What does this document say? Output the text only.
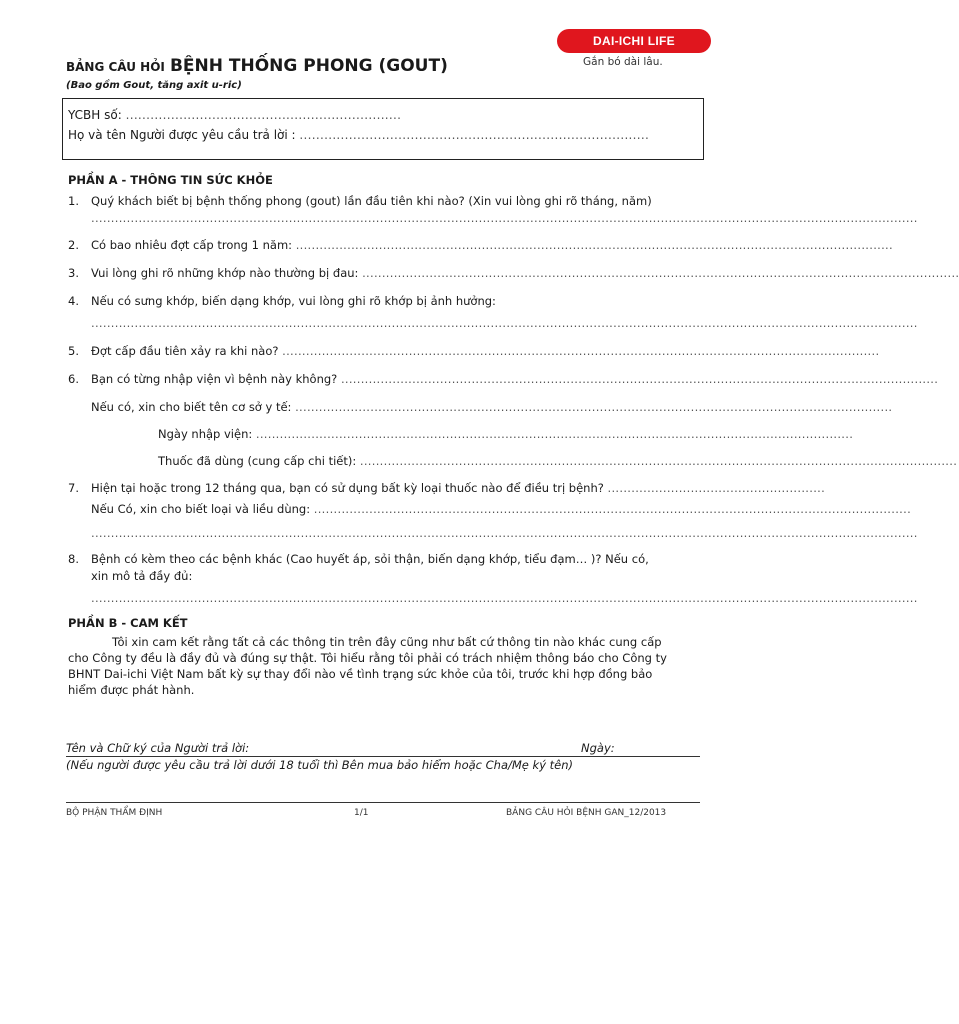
DAI-ICHI LIFE
Gắn bó dài lâu.
BẢNG CÂU HỎI BỆNH THỐNG PHONG (GOUT)
(Bao gồm Gout, tăng axit u-ric)
YCBH số: ...................................................................
Họ và tên Người được yêu cầu trả lời : .....................................................................................
PHẦN A - THÔNG TIN SỨC KHỎE
1. Quý khách biết bị bệnh thống phong (gout) lần đầu tiên khi nào? (Xin vui lòng ghi rõ tháng, năm)
.................................................................................................................................................................................................................
2. Có bao nhiêu đợt cấp trong 1 năm: .......................................................................................................................................................
3. Vui lòng ghi rõ những khớp nào thường bị đau: .......................................................................................................................................................
4. Nếu có sưng khớp, biến dạng khớp, vui lòng ghi rõ khớp bị ảnh hưởng:
.................................................................................................................................................................................................................
5. Đợt cấp đầu tiên xảy ra khi nào? .......................................................................................................................................................
6. Bạn có từng nhập viện vì bệnh này không? .......................................................................................................................................................
Nếu có, xin cho biết tên cơ sở y tế: .......................................................................................................................................................
Ngày nhập viện: .......................................................................................................................................................
Thuốc đã dùng (cung cấp chi tiết): .......................................................................................................................................................
7. Hiện tại hoặc trong 12 tháng qua, bạn có sử dụng bất kỳ loại thuốc nào để điều trị bệnh? .......................................................
Nếu Có, xin cho biết loại và liều dùng: .......................................................................................................................................................
.................................................................................................................................................................................................................
8. Bệnh có kèm theo các bệnh khác (Cao huyết áp, sỏi thận, biến dạng khớp, tiểu đạm… )? Nếu có,
xin mô tả đầy đủ:
.................................................................................................................................................................................................................
PHẦN B - CAM KẾT
Tôi xin cam kết rằng tất cả các thông tin trên đây cũng như bất cứ thông tin nào khác cung cấp
cho Công ty đều là đầy đủ và đúng sự thật. Tôi hiểu rằng tôi phải có trách nhiệm thông báo cho Công ty
BHNT Dai-ichi Việt Nam bất kỳ sự thay đổi nào về tình trạng sức khỏe của tôi, trước khi hợp đồng bảo
hiểm được phát hành.
Tên và Chữ ký của Người trả lời:	Ngày:
(Nếu người được yêu cầu trả lời dưới 18 tuổi thì Bên mua bảo hiểm hoặc Cha/Mẹ ký tên)
BỘ PHẬN THẨM ĐỊNH	1/1	BẢNG CÂU HỎI BỆNH GAN_12/2013
